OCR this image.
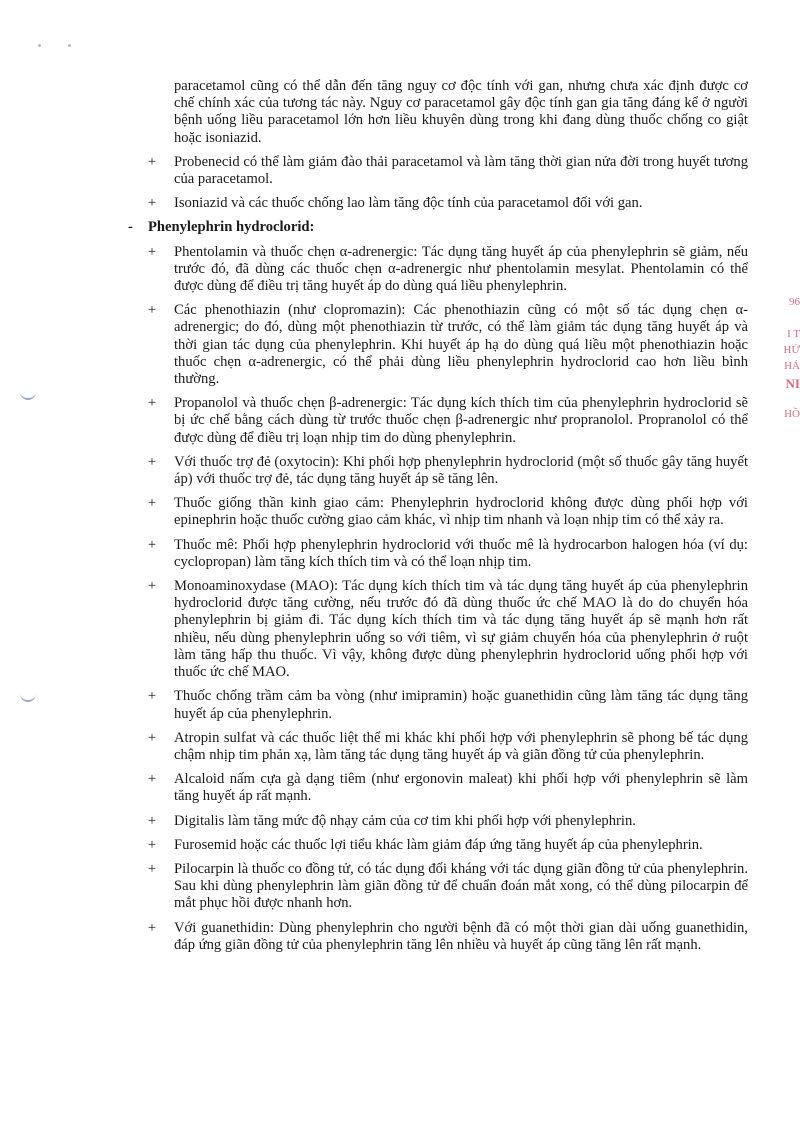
96
I T
HỨ
HẢ
NI
HỒ

paracetamol cũng có thể dẫn đến tăng nguy cơ độc tính với gan, nhưng chưa xác định được cơ chế chính xác của tương tác này. Nguy cơ paracetamol gây độc tính gan gia tăng đáng kể ở người bệnh uống liều paracetamol lớn hơn liều khuyên dùng trong khi đang dùng thuốc chống co giật hoặc isoniazid.

+ Probenecid có thể làm giảm đào thải paracetamol và làm tăng thời gian nửa đời trong huyết tương của paracetamol.
+ Isoniazid và các thuốc chống lao làm tăng độc tính của paracetamol đối với gan.
- Phenylephrin hydroclorid:
+ Phentolamin và thuốc chẹn α-adrenergic: Tác dụng tăng huyết áp của phenylephrin sẽ giảm, nếu trước đó, đã dùng các thuốc chẹn α-adrenergic như phentolamin mesylat. Phentolamin có thể được dùng để điều trị tăng huyết áp do dùng quá liều phenylephrin.
+ Các phenothiazin (như clopromazin): Các phenothiazin cũng có một số tác dụng chẹn α-adrenergic; do đó, dùng một phenothiazin từ trước, có thể làm giảm tác dụng tăng huyết áp và thời gian tác dụng của phenylephrin. Khi huyết áp hạ do dùng quá liều một phenothiazin hoặc thuốc chẹn α-adrenergic, có thể phải dùng liều phenylephrin hydroclorid cao hơn liều bình thường.
+ Propanolol và thuốc chẹn β-adrenergic: Tác dụng kích thích tim của phenylephrin hydroclorid sẽ bị ức chế bằng cách dùng từ trước thuốc chẹn β-adrenergic như propranolol. Propranolol có thể được dùng để điều trị loạn nhịp tim do dùng phenylephrin.
+ Với thuốc trợ đẻ (oxytocin): Khi phối hợp phenylephrin hydroclorid (một số thuốc gây tăng huyết áp) với thuốc trợ đẻ, tác dụng tăng huyết áp sẽ tăng lên.
+ Thuốc giống thần kinh giao cảm: Phenylephrin hydroclorid không được dùng phối hợp với epinephrin hoặc thuốc cường giao cảm khác, vì nhịp tim nhanh và loạn nhịp tim có thể xảy ra.
+ Thuốc mê: Phối hợp phenylephrin hydroclorid với thuốc mê là hydrocarbon halogen hóa (ví dụ: cyclopropan) làm tăng kích thích tim và có thể loạn nhịp tim.
+ Monoaminoxydase (MAO): Tác dụng kích thích tim và tác dụng tăng huyết áp của phenylephrin hydroclorid được tăng cường, nếu trước đó đã dùng thuốc ức chế MAO là do do chuyển hóa phenylephrin bị giảm đi. Tác dụng kích thích tim và tác dụng tăng huyết áp sẽ mạnh hơn rất nhiều, nếu dùng phenylephrin uống so với tiêm, vì sự giảm chuyển hóa của phenylephrin ở ruột làm tăng hấp thu thuốc. Vì vậy, không được dùng phenylephrin hydroclorid uống phối hợp với thuốc ức chế MAO.
+ Thuốc chống trầm cảm ba vòng (như imipramin) hoặc guanethidin cũng làm tăng tác dụng tăng huyết áp của phenylephrin.
+ Atropin sulfat và các thuốc liệt thể mi khác khi phối hợp với phenylephrin sẽ phong bế tác dụng chậm nhịp tim phản xạ, làm tăng tác dụng tăng huyết áp và giãn đồng tử của phenylephrin.
+ Alcaloid nấm cựa gà dạng tiêm (như ergonovin maleat) khi phối hợp với phenylephrin sẽ làm tăng huyết áp rất mạnh.
+ Digitalis làm tăng mức độ nhạy cảm của cơ tim khi phối hợp với phenylephrin.
+ Furosemid hoặc các thuốc lợi tiểu khác làm giảm đáp ứng tăng huyết áp của phenylephrin.
+ Pilocarpin là thuốc co đồng tử, có tác dụng đối kháng với tác dụng giãn đồng tử của phenylephrin. Sau khi dùng phenylephrin làm giãn đồng tử để chuẩn đoán mắt xong, có thể dùng pilocarpin để mắt phục hồi được nhanh hơn.
+ Với guanethidin: Dùng phenylephrin cho người bệnh đã có một thời gian dài uống guanethidin, đáp ứng giãn đồng tử của phenylephrin tăng lên nhiều và huyết áp cũng tăng lên rất mạnh.
